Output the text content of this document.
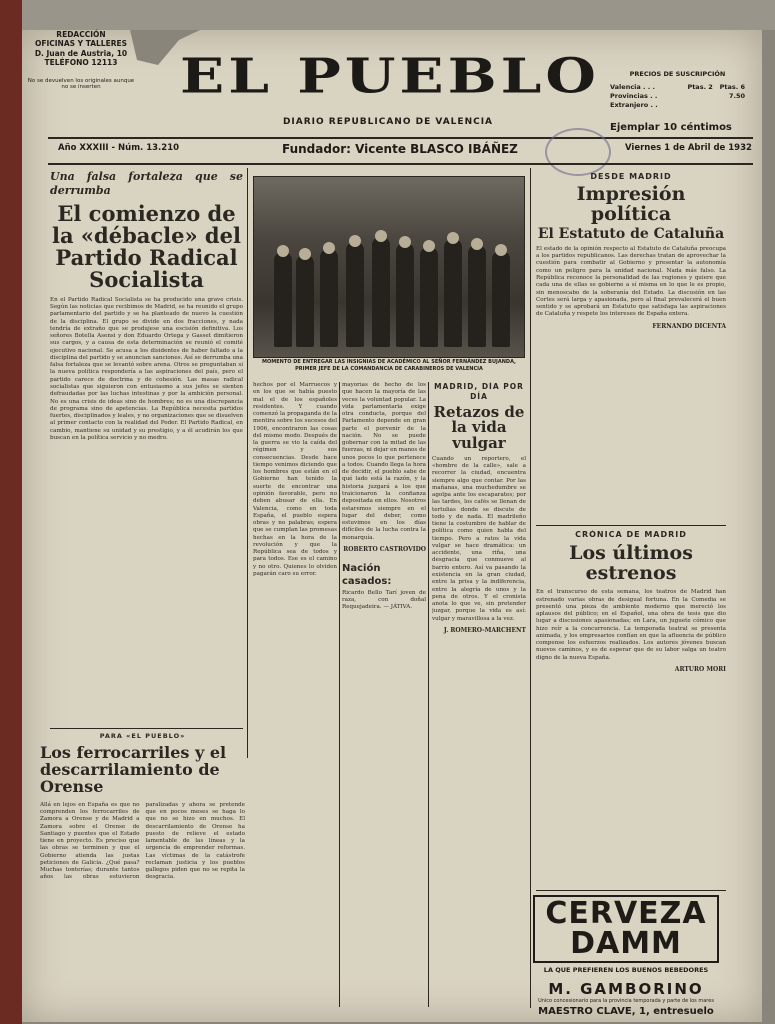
REDACCIÓN
OFICINAS Y TALLERES
D. Juan de Austria, 10
TELÉFONO 12113
No se devuelven los originales aunque no se inserten	EL PUEBLO
DIARIO REPUBLICANO DE VALENCIA
PRECIOS DE SUSCRIPCIÓN
Valencia . . .	Ptas. 2   Ptas. 6
Provincias . .	7.50
Extranjero . .
Ejemplar 10 céntimos
Año XXXIII - Núm. 13.210	Fundador: Vicente BLASCO IBÁÑEZ	Viernes 1 de Abril de 1932
Una falsa fortaleza que se derrumba
El comienzo de la «débacle» del Partido Radical Socialista
En el Partido Radical Socialista se ha producido una grave crisis. Según las noticias que recibimos de Madrid, se ha reunido el grupo parlamentario del partido y se ha planteado de nuevo la cuestión de la disciplina. El grupo se divide en dos fracciones, y nada tendría de extraño que se produjese una escisión definitiva. Los señores Botella Asensi y don Eduardo Ortega y Gasset dimitieron sus cargos, y a causa de esta determinación se reunió el comité ejecutivo nacional. Se acusa a los disidentes de haber faltado a la disciplina del partido y se anuncian sanciones. Así se derrumba una falsa fortaleza que se levantó sobre arena. Otros se preguntaban si la nueva política respondería a las aspiraciones del país, pero el partido carece de doctrina y de cohesión. Las masas radical socialistas que siguieron con entusiasmo a sus jefes se sienten defraudadas por las luchas intestinas y por la ambición personal. No es una crisis de ideas sino de hombres; no es una discrepancia de programa sino de apetencias. La República necesita partidos fuertes, disciplinados y leales, y no organizaciones que se disuelven al primer contacto con la realidad del Poder. El Partido Radical, en cambio, mantiene su unidad y su prestigio, y a él acudirán los que buscan en la política servicio y no medro.
MOMENTO DE ENTREGAR LAS INSIGNIAS DE ACADÉMICO AL SEÑOR FERNÁNDEZ BUJANDA, PRIMER JEFE DE LA COMANDANCIA DE CARABINEROS DE VALENCIA
hechos por el Marruecos y en los que se había puesto mal el de los españoles residentes. Y cuando comenzó la propaganda de la mentira sobre los sucesos del 1906, encontraron las cosas del mismo modo. Después de la guerra se vio la caída del régimen y sus consecuencias. Desde hace tiempo venimos diciendo que los hombres que están en el Gobierno han tenido la suerte de encontrar una opinión favorable, pero no deben abusar de ella. En Valencia, como en toda España, el pueblo espera obras y no palabras; espera que se cumplan las promesas hechas en la hora de la revolución y que la República sea de todos y para todos. Ese es el camino y no otro. Quienes lo olviden pagarán caro su error.
mayorías de hecho de los que hacen la mayoría de las veces la voluntad popular. La vida parlamentaria exige otra conducta, porque del Parlamento depende en gran parte el porvenir de la nación. No se puede gobernar con la mitad de las fuerzas, ni dejar en manos de unos pocos lo que pertenece a todos. Cuando llega la hora de decidir, el pueblo sabe de qué lado está la razón, y la historia juzgará a los que traicionaron la confianza depositada en ellos. Nosotros estaremos siempre en el lugar del deber, como estuvimos en los días difíciles de la lucha contra la monarquía.
ROBERTO CASTROVIDO
Nación casados:
Ricardo Bello Tarí joven de raza, con doñal Requejadeira. — JÁTIVA.
MADRID, DÍA POR DÍA
Retazos de la vida vulgar
Cuando un reportero, el «hombre de la calle», sale a recorrer la ciudad, encuentra siempre algo que contar. Por las mañanas, una muchedumbre se agolpa ante los escaparates; por las tardes, los cafés se llenan de tertulias donde se discute de todo y de nada. El madrileño tiene la costumbre de hablar de política como quien habla del tiempo. Pero a ratos la vida vulgar se hace dramática: un accidente, una riña, una desgracia que conmueve al barrio entero. Así va pasando la existencia en la gran ciudad, entre la prisa y la indiferencia, entre la alegría de unos y la pena de otros. Y el cronista anota lo que ve, sin pretender juzgar, porque la vida es así: vulgar y maravillosa a la vez.
J. ROMERO-MARCHENT
DESDE MADRID
Impresión política
El Estatuto de Cataluña
El estado de la opinión respecto al Estatuto de Cataluña preocupa a los partidos republicanos. Las derechas tratan de aprovechar la cuestión para combatir al Gobierno y presentar la autonomía como un peligro para la unidad nacional. Nada más falso. La República reconoce la personalidad de las regiones y quiere que cada una de ellas se gobierne a sí misma en lo que le es propio, sin menoscabo de la soberanía del Estado. La discusión en las Cortes será larga y apasionada, pero al final prevalecerá el buen sentido y se aprobará un Estatuto que satisfaga las aspiraciones de Cataluña y respete los intereses de España entera.
FERNANDO DICENTA
CRÓNICA DE MADRID
Los últimos estrenos
En el transcurso de esta semana, los teatros de Madrid han estrenado varias obras de desigual fortuna. En la Comedia se presentó una pieza de ambiente moderno que mereció los aplausos del público; en el Español, una obra de tesis que dio lugar a discusiones apasionadas; en Lara, un juguete cómico que hizo reír a la concurrencia. La temporada teatral se presenta animada, y los empresarios confían en que la afluencia de público compense los esfuerzos realizados. Los autores jóvenes buscan nuevos caminos, y es de esperar que de su labor salga un teatro digno de la nueva España.
ARTURO MORI
PARA «EL PUEBLO»
Los ferrocarriles y el descarrilamiento de Orense
Allá en lejos en España es que no comprenden los ferrocarriles de Zamora a Orense y de Madrid a Zamora sobre el Orense de Santiago y puentes que el Estado tiene en proyecto. Es preciso que las obras se terminen y que el Gobierno atienda las justas peticiones de Galicia. ¿Qué pasa? Muchas tonterías; durante tantos años las obras estuvieron paralizadas y ahora se pretende que en pocos meses se haga lo que no se hizo en muchos. El descarrilamiento de Orense ha puesto de relieve el estado lamentable de las líneas y la urgencia de emprender reformas. Las víctimas de la catástrofe reclaman justicia y los pueblos gallegos piden que no se repita la desgracia.
CERVEZA DAMM
LA QUE PREFIEREN LOS BUENOS BEBEDORES
M. GAMBORINO
Unico concesionario para la provincia temporada y parte de los mares
MAESTRO CLAVE, 1, entresuelo
